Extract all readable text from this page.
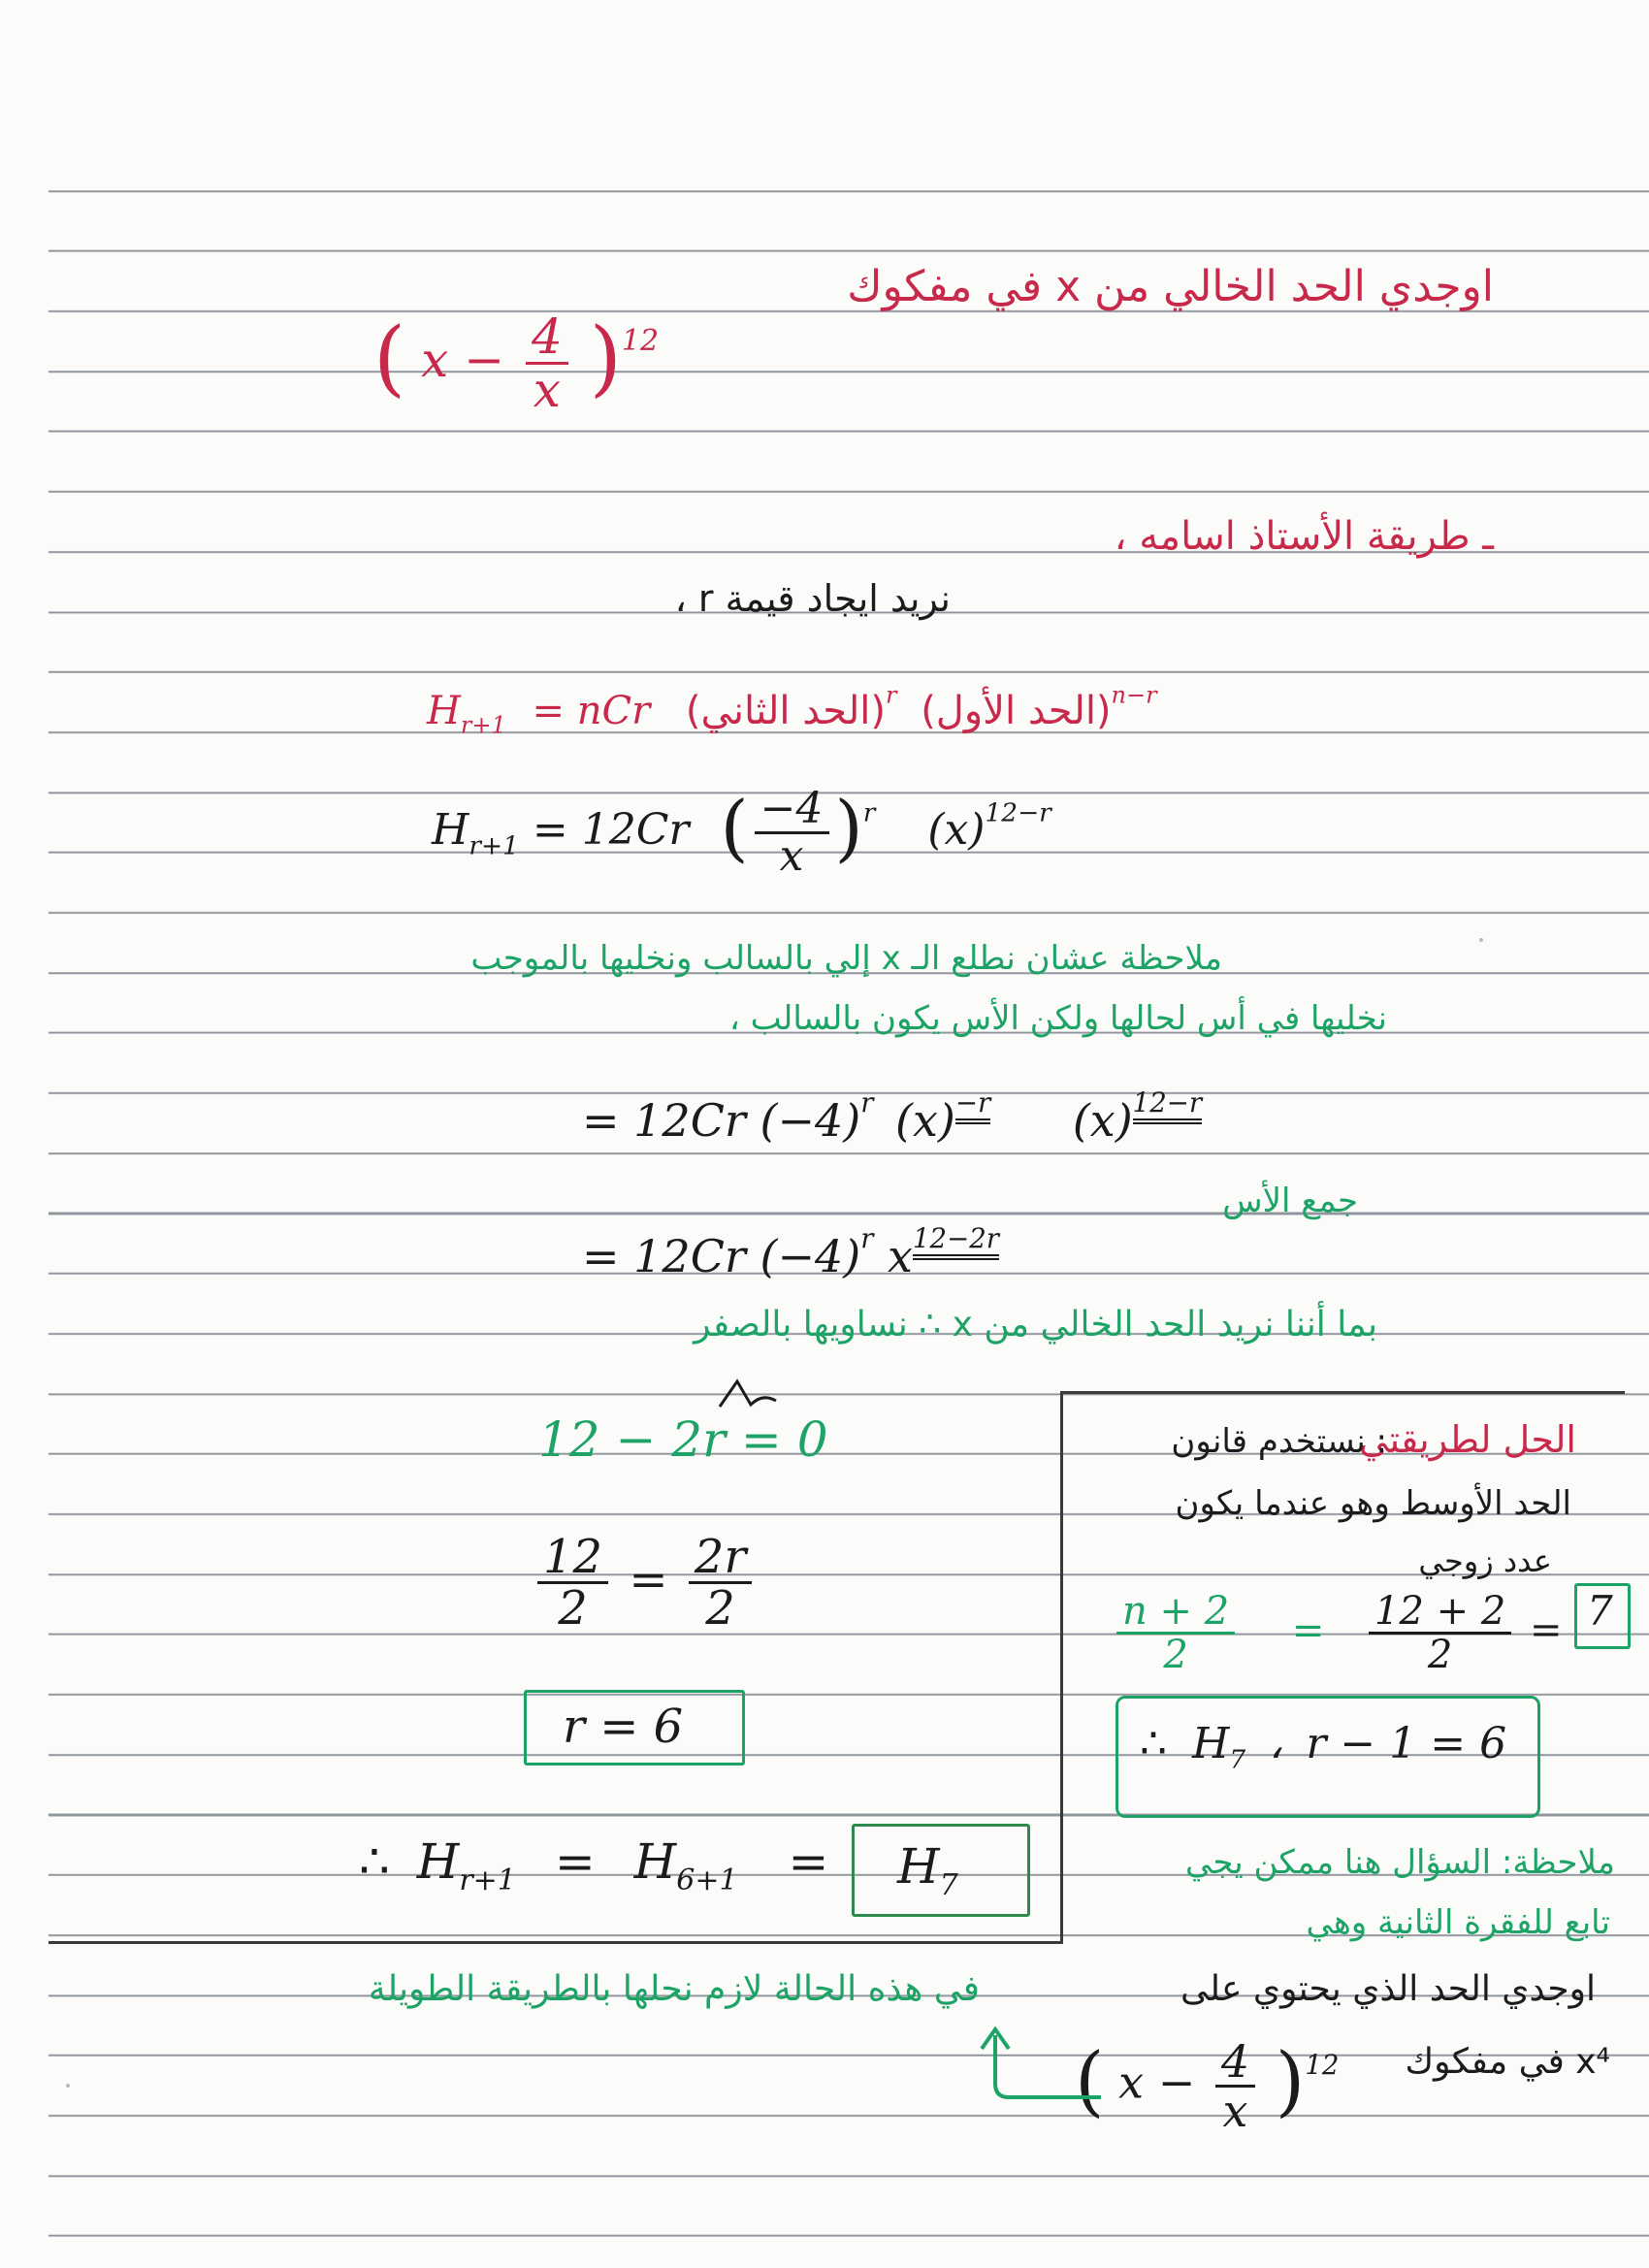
اوجدي الحد الخالي من x في مفكوك
( $x - \frac{4}{x} )^{12}$
ـ طريقة الأستاذ اسامه ،
نريد ايجاد قيمة r ،
$H_{r+1}$ = nCr (الحد الثاني)$^r$ (الحد الأول)$^{n-r}$
$H_{r+1} = 12Cr$ ( $\frac{-4}{x} )^r$ $(x)^{12-r}$
ملاحظة عشان نطلع الـ x إلي بالسالب ونخليها بالموجب
نخليها في أس لحالها ولكن الأس يكون بالسالب ،
= 12Cr $(-4)^r$ $(x)^{-r}$ $(x)^{12-r}$
جمع الأس
= 12Cr $(-4)^r$ $x^{12-2r}$
بما أننا نريد الحد الخالي من x ∴ نساويها بالصفر
12 − 2r = 0
$\frac{12}{2} = \frac{2r}{2}$
r = 6
∴ $H_{r+1} = H_{6+1}$ =	$H_7$
الحل لطريقتي
: نستخدم قانون
الحد الأوسط وهو عندما يكون
عدد زوجي
$\frac{n + 2}{2}$ =	$\frac{12 + 2}{2} = 7$
∴ $H_7$ ، r − 1 = 6
ملاحظة: السؤال هنا ممكن يجي
تابع للفقرة الثانية وهي
اوجدي الحد الذي يحتوي على
( $x - \frac{4}{x} )^{12}$ x⁴ في مفكوك
في هذه الحالة لازم نحلها بالطريقة الطويلة
